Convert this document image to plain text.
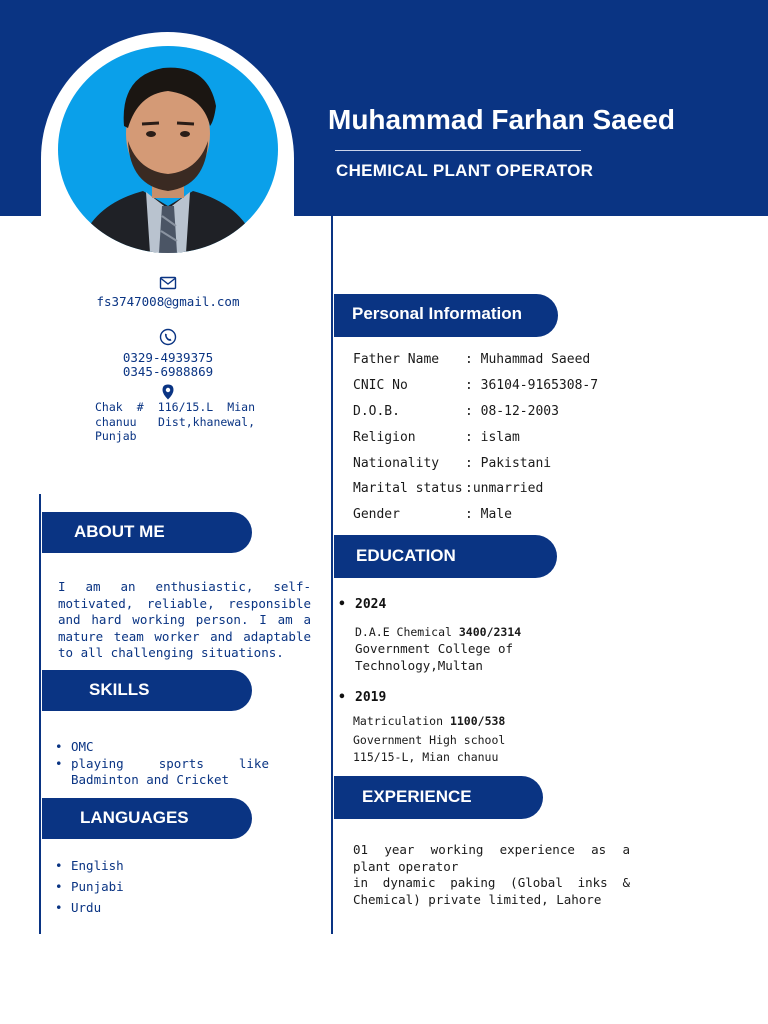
Muhammad Farhan Saeed
CHEMICAL PLANT OPERATOR
fs3747008@gmail.com
0329-4939375
0345-6988869
Chak # 116/15.L Mian
chanuu Dist,khanewal,
Punjab
ABOUT ME
I am an enthusiastic, self-motivated, reliable, responsible and hard working person. I am a mature team worker and adaptable to all challenging situations.
SKILLS
• OMC
• playing sports like Badminton and Cricket
LANGUAGES
• English
• Punjabi
• Urdu
Personal Information
Father Name : Muhammad Saeed
CNIC No	: 36104-9165308-7
D.O.B.	: 08-12-2003
Religion	: islam
Nationality : Pakistani
Marital status :unmarried
Gender	: Male
EDUCATION
• 2024
D.A.E Chemical 3400/2314
Government College of
Technology,Multan
• 2019
Matriculation 1100/538
Government High school
115/15-L, Mian chanuu
EXPERIENCE
01 year working experience as a
plant operator
in dynamic paking (Global inks &
Chemical) private limited, Lahore
